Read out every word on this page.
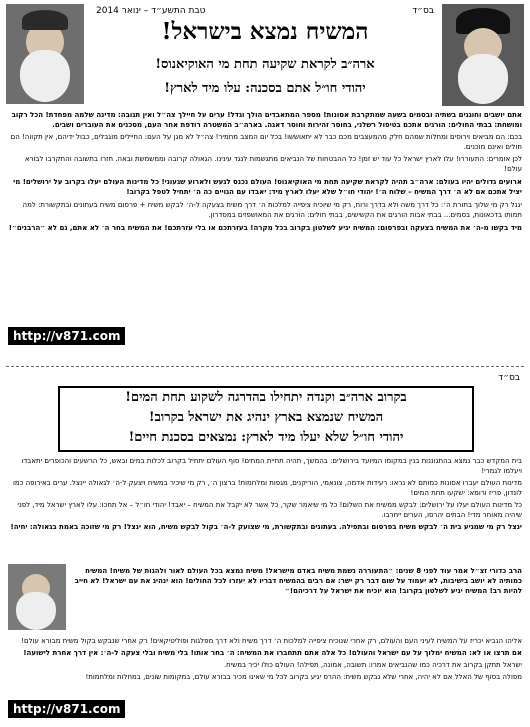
בס״ד
טבת התשע״ד – ינואר 2014
המשיח נמצא בישראל!
ארה״ב לקראת שקיעה תחת מי האוקיאנוס!
יהודי חו״ל אתם בסכנה: עלו מיד לארץ!
אתם יושבים וחוגגים בשתיה ובסמים בשעה שמתקרבת אסונות! מספר המתאבדים הולך וגדל! ערים על חיילך צה״ל ואין תגובה: מדינה שלמה מפחדת! הכל רקוב ומושחת: בבתי החולים: הורגים אתכם בטיפול רשלני, בחוסר זהירות וחוסר דאגה. בארה״ב המשטרה רודפת אחר העם, מסכנים את העוברים ושבים.
בכם: הם מביאים וירוסים ומחלות שמהם חלק מהמעצבים מכם כבר לא יתאוששו! בכל יום המצב מחמיר! צה״ל לא מגן על העם: החיילים מוגבלים, כבול ידיהם, אין תקווה! הם חולים ואינם מוכנים.
לכן אומרים: התעוררו! עלו לארץ ישראל כל עוד יש זמן! כל ההבטחות של הנביאים מתגשמות לנגד עינינו. הגאולה קרובה וממשמשת ובאה. חזרו בתשובה והתקרבו לבורא עולם!
ארועים גדולים יהיו בעולם: ארה״ב תהיה לקראת שקיעה תחת מי האוקיאנוס! העולם נכנס לגעש ולארוע שגעוני! כל מדינות העולם יעלו בקרוב על ירושלים! מי יציל אתכם אם לא ה׳ דרך המשיח – שלוח ה׳! יהודי חו״ל שלא יעלו לארץ מיד: יאבדו עם הגויים כה ה׳ יתחיל לטפל בקרוב!
יגנל רק מי שלוך בתורת ה׳: כל דרך משה ולא בדרך ורוח, רק מי שיוכיח ציפייה למלכות ה׳ דרך משיח בצעקה ל-ה׳ לבקש משיח + פרסום משיח בעתונים ובתקשורת: למה תמותו בדכאונות, בסמים... בבתי אבות הורגים את הקשישים, בבתי חולים: הורגים את המאושפזים במסדרון.
מיד בקשו מ-ה׳ את המשיח בצעקה ובפרסום: המשיח יגיע לשלטון בקרוב בכל מקרה! בעזרתכם או בלי עזרתכם! את המשיח בחר ה׳ לא אתם, גם לא ״הרבנים״!
http://v871.com
בס״ד
בקרוב ארה״ב וקנדה יתחילו בהדרגה לשקוע תחת המים!
המשיח שנמצא בארץ ינהיג את ישראל בקרוב!
יהודי חו״ל שלא יעלו מיד לארץ: נמצאים בסכנת חיים!
בית המקדש כבר נמצא בהתגוננות בנין במקומו המיועד בירושלים: בהמשך, תהיה תחיית המתים! סוף העולם יתחיל בקרוב לכלות במים ובאש, כל הרשעים והכופרים יתאבדו ויעלמו לגמרי!
מדינות העולם יעברו אסונות כמותם לא נראו: רעידות אדמה, צונאמי, הוריקנים, מגפות ומלחמות! ברצון ה׳, רק מי שיכיר במשיח ויצעק ל-ה׳ לגאולה יינצל. ערים באירופה כמו לונדון, פריז ורומא: ישקעו תחת המים!
כל מדינות העולם יעלו על ירושלים: לבקש ממשיח את השלום! כל מי שיאמר שקר, כל אשר לא יקבל את המשיח – יאבד! יהודי חו״ל – אל תחכו: עלו לארץ ישראל מיד, לפני שיהיה מאוחר מדי! הבתים יהרסו, הערים ייחרבו.
ינצל רק מי שמגיע בית ה׳ לבקש משיח בפרסום ובתפילה. בעתונים ובתקשורת, מי שצועק ל-ה׳ בקול לבקש משיח, הוא ינצל! רק מי שזוכה באמת בגאולה: יחיה!
הרב כדורי זצ״ל אמר עוד לפני 8 שנים: ״התעוררה נשמת משיח באדם מישראל! משיח נמצא בכל העולם לאור ולהגות של משיח! המשיח כמותיה לא יושב בישיבות, לא יעמוד על שום דבר רק ישר: אם רבים בהמשיח דבריו לא יעזרו לכל החולים! הוא ינהיג את עם ישראל! לא חייב להיות רב! המשיח יגיע לשלטון בקרוב! הוא יוכיח את ישראל על דרכיהם!״
אליהו הנביא יכריז על המשיח לעיני העם והעולם, רק אחרי שנוכיח ציפייה למלכות ה׳ דרך משיח ולא דרך מפלגות ופוליטיקאים! רק אחרי שנבקש בקול משיח מבורא עולם!
אם תרצו או לא: המשיח ימלוך על עם ישראל והעולם! כל אלה אתם תתחברו את המשיח: ה׳ בחר אותו! בלי משיח ובלי צעקה ל-ה׳: אין דרך אחרת לישועה!
ישראל תתקן בקרוב את דרכיה כמו שהנביאים אמרו: תשובה, אמונה, תפילה! העולם כולו יכיר במשיח.
מפולה בסוף של האלל אם לא יהיה, אחרי שלא נבקש משיח: ההרס יגיע בקרוב לכל מי שאינו מכיר בבורא עולם, במקומות שונים, במחלות ומלחמות!
http://v871.com
